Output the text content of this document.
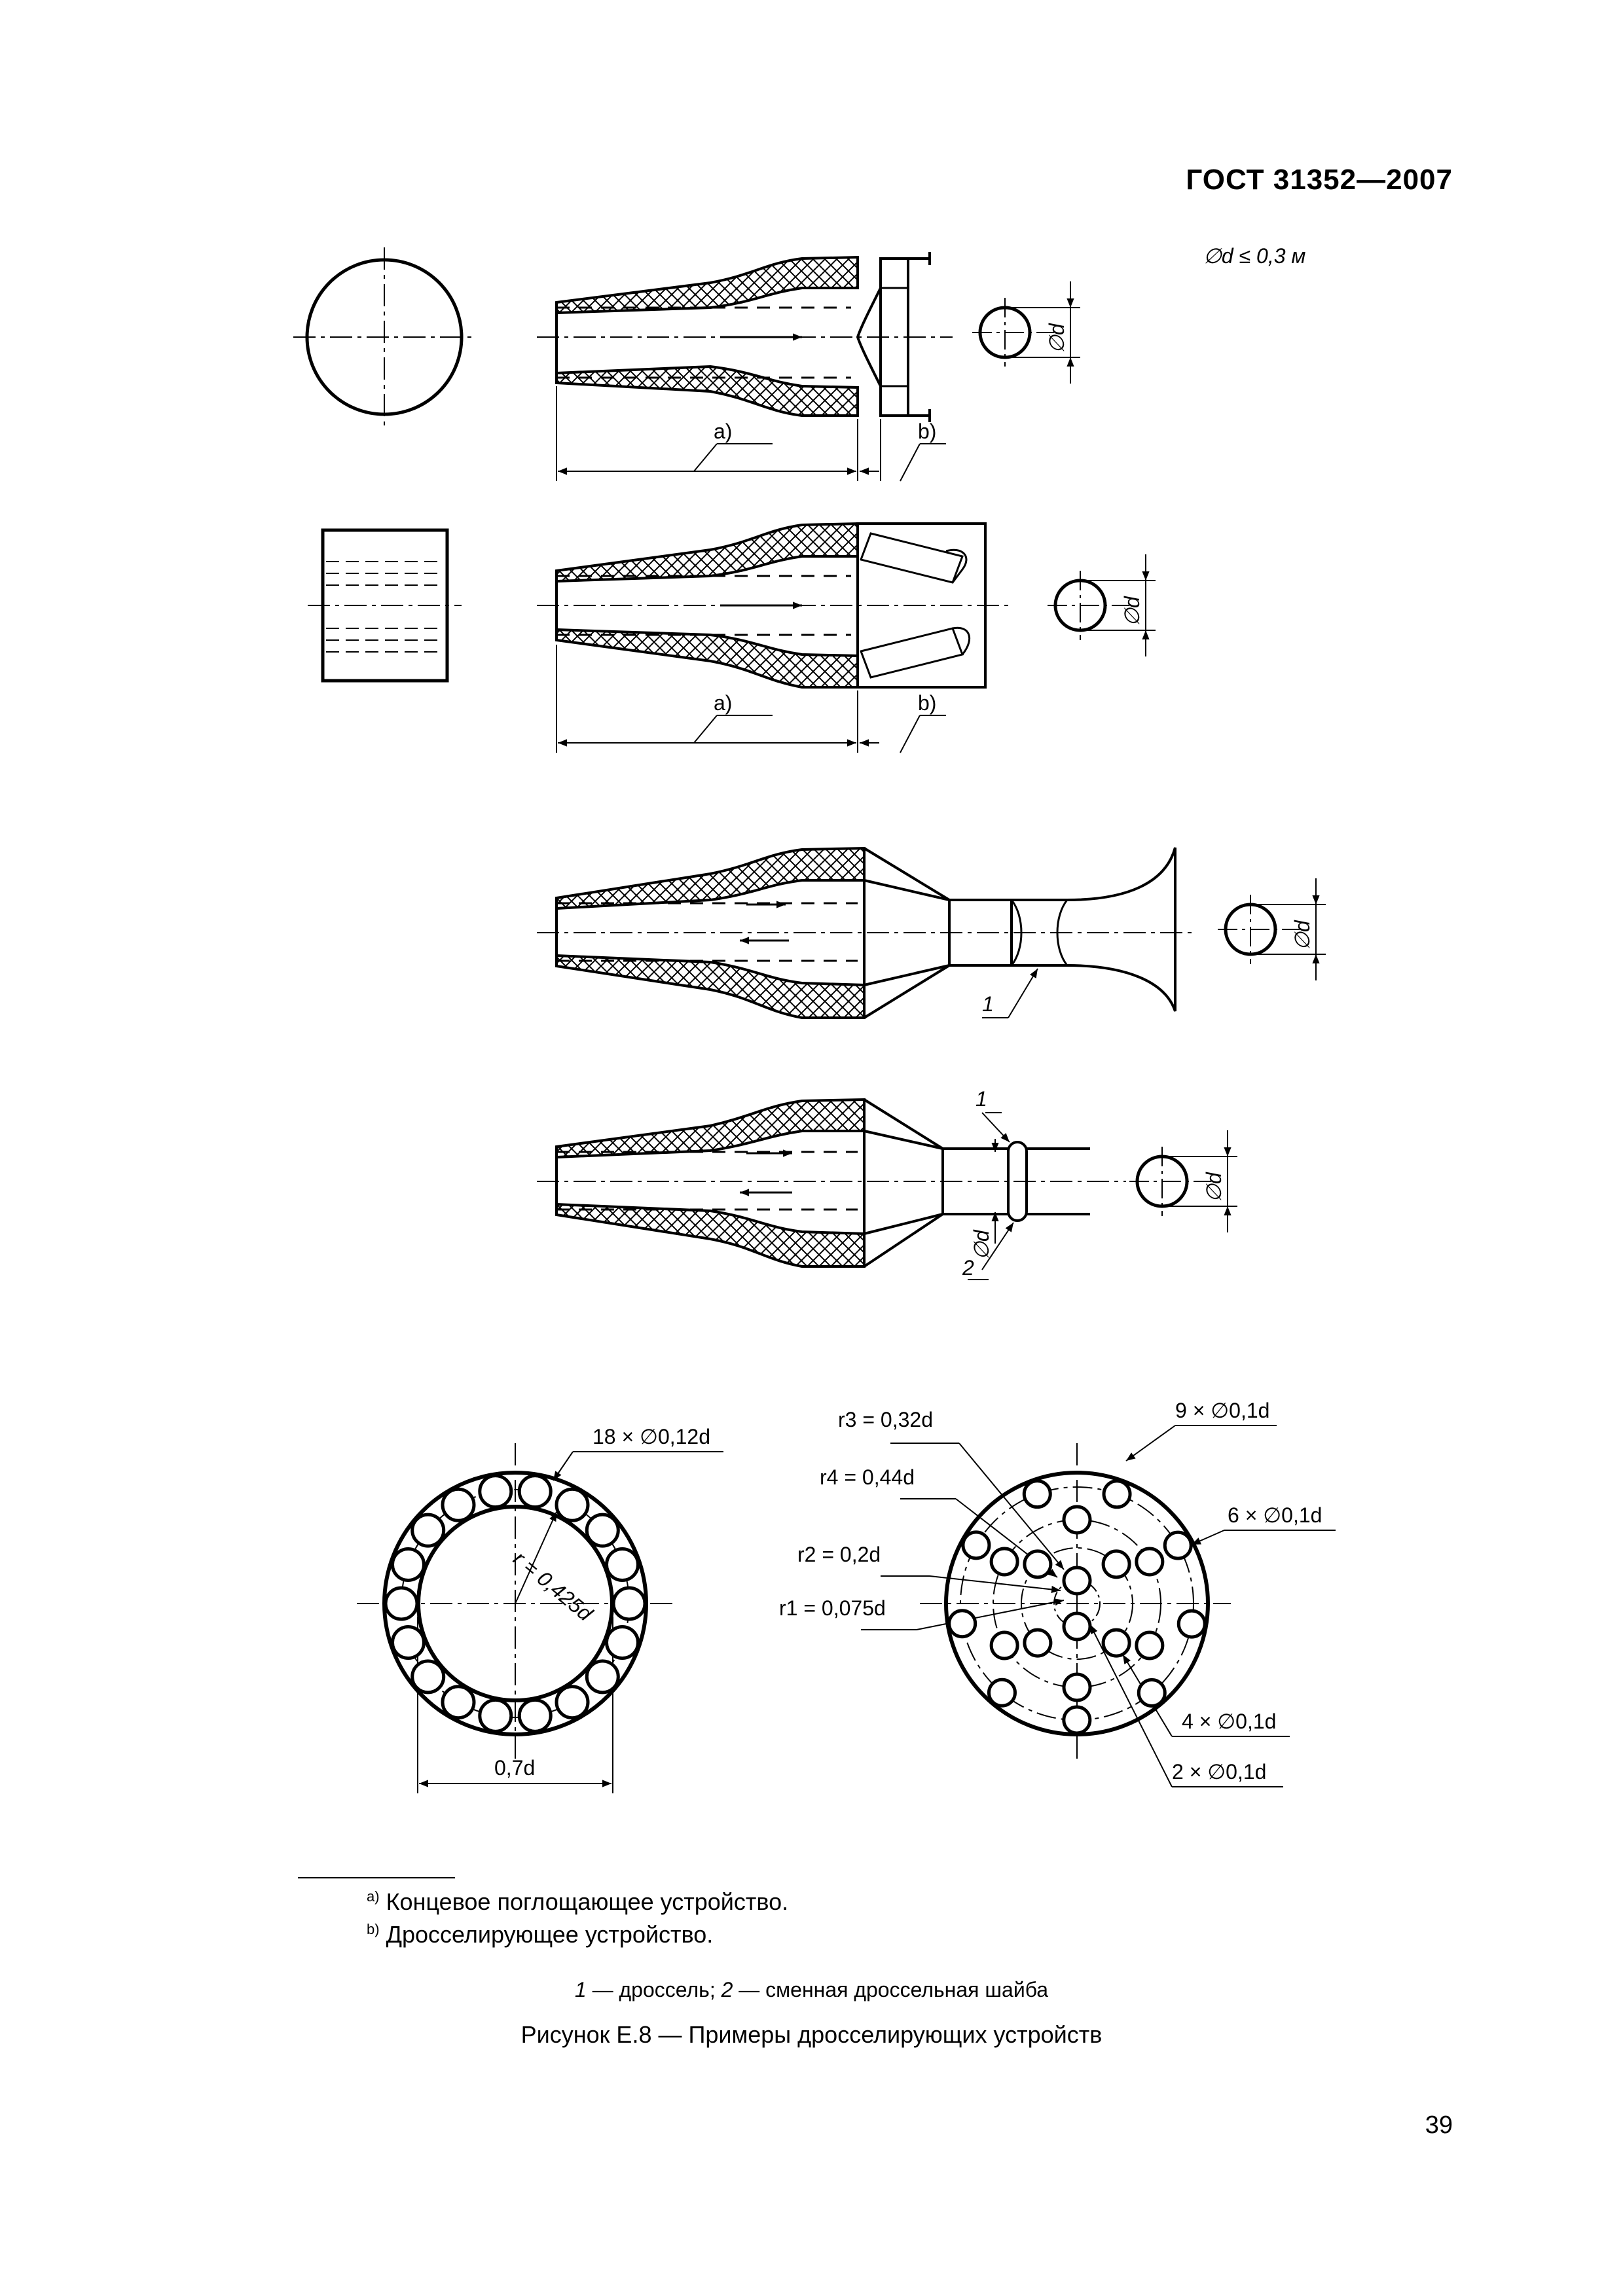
ГОСТ 31352—2007
∅d ≤ 0,3 м
a)	b)
∅d
a)	b)
∅d
1
∅d
1
2
∅d
∅d
18 × ∅0,12d
r = 0,425d
0,7d
r3 = 0,32d
r4 = 0,44d
r2 = 0,2d
r1 = 0,075d
9 × ∅0,1d
6 × ∅0,1d
4 × ∅0,1d
2 × ∅0,1d
$^{a)}$ Концевое поглощающее устройство.
$^{b)}$ Дросселирующее устройство.
1 — дроссель; 2 — сменная дроссельная шайба
Рисунок Е.8 — Примеры дросселирующих устройств
39
